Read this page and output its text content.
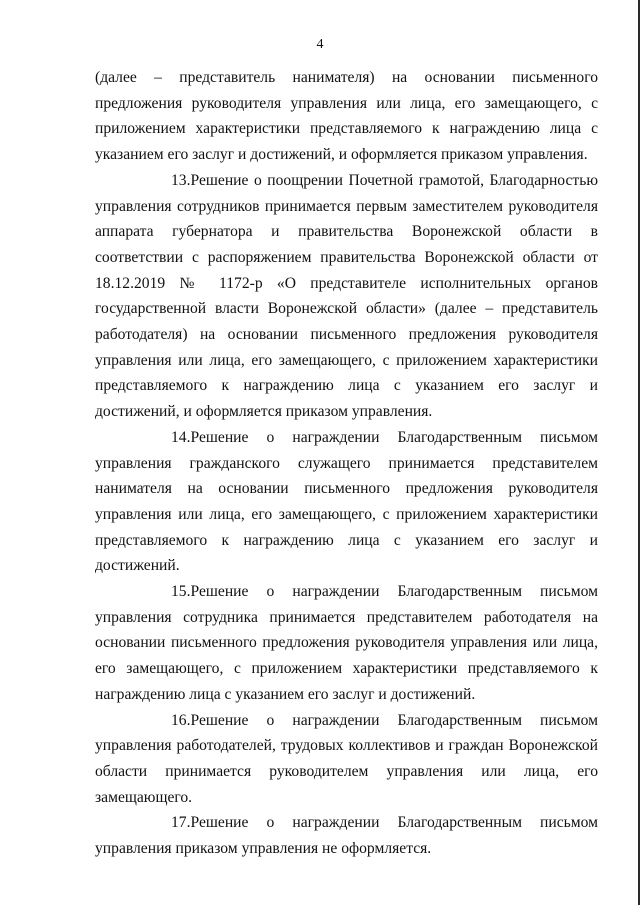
4

(далее – представитель нанимателя) на основании письменного предложения руководителя управления или лица, его замещающего, с приложением характеристики представляемого к награждению лица с указанием его заслуг и достижений, и оформляется приказом управления.

13.Решение о поощрении Почетной грамотой, Благодарностью управления сотрудников принимается первым заместителем руководителя аппарата губернатора и правительства Воронежской области в соответствии с распоряжением правительства Воронежской области от 18.12.2019 № 1172-р «О представителе исполнительных органов государственной власти Воронежской области» (далее – представитель работодателя) на основании письменного предложения руководителя управления или лица, его замещающего, с приложением характеристики представляемого к награждению лица с указанием его заслуг и достижений, и оформляется приказом управления.

14.Решение о награждении Благодарственным письмом управления гражданского служащего принимается представителем нанимателя на основании письменного предложения руководителя управления или лица, его замещающего, с приложением характеристики представляемого к награждению лица с указанием его заслуг и достижений.

15.Решение о награждении Благодарственным письмом управления сотрудника принимается представителем работодателя на основании письменного предложения руководителя управления или лица, его замещающего, с приложением характеристики представляемого к награждению лица с указанием его заслуг и достижений.

16.Решение о награждении Благодарственным письмом управления работодателей, трудовых коллективов и граждан Воронежской области принимается руководителем управления или лица, его замещающего.

17.Решение о награждении Благодарственным письмом управления приказом управления не оформляется.
